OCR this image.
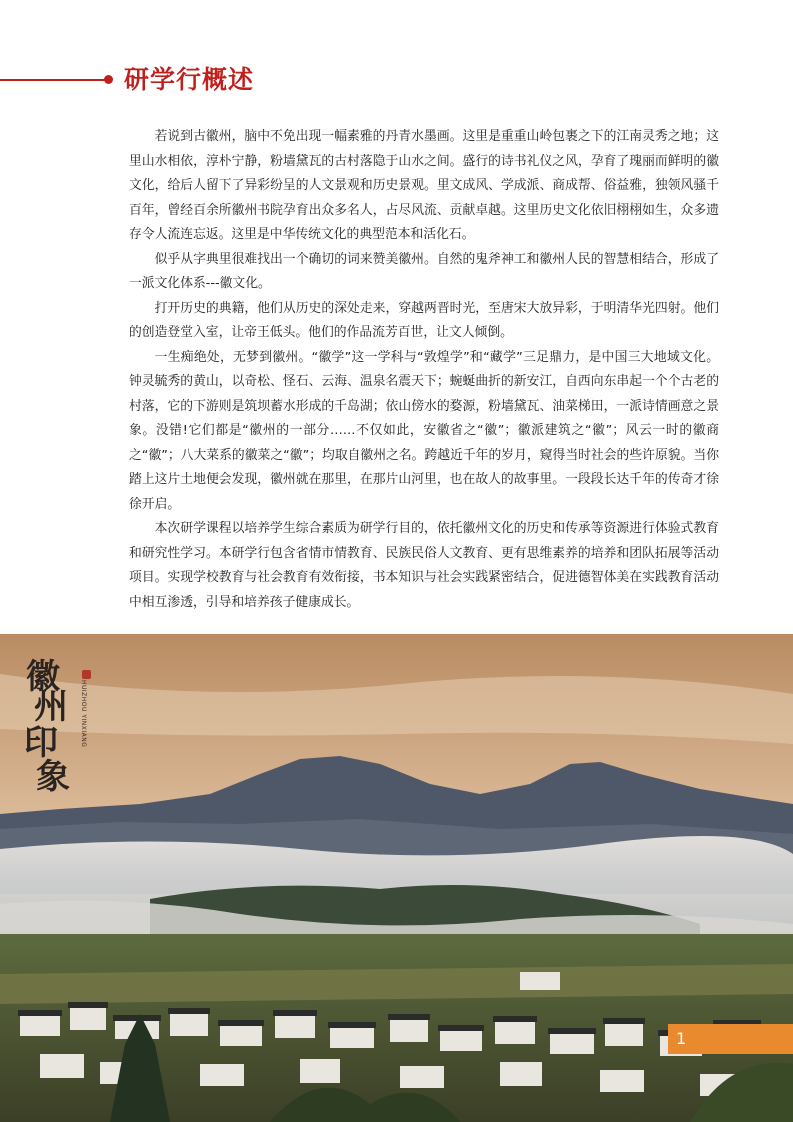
研学行概述

若说到古徽州，脑中不免出现一幅素雅的丹青水墨画。这里是重重山岭包裹之下的江南灵秀之地；这里山水相依，淳朴宁静，粉墙黛瓦的古村落隐于山水之间。盛行的诗书礼仪之风，孕育了瑰丽而鲜明的徽文化，给后人留下了异彩纷呈的人文景观和历史景观。里文成风、学成派、商成帮、俗益雅，独领风骚千百年，曾经百余所徽州书院孕育出众多名人，占尽风流、贡献卓越。这里历史文化依旧栩栩如生，众多遗存令人流连忘返。这里是中华传统文化的典型范本和活化石。

似乎从字典里很难找出一个确切的词来赞美徽州。自然的鬼斧神工和徽州人民的智慧相结合，形成了一派文化体系---徽文化。

打开历史的典籍，他们从历史的深处走来，穿越两晋时光，至唐宋大放异彩，于明清华光四射。他们的创造登堂入室，让帝王低头。他们的作品流芳百世，让文人倾倒。

一生痴绝处，无梦到徽州。“徽学”这一学科与“敦煌学”和“藏学”三足鼎力，是中国三大地域文化。钟灵毓秀的黄山，以奇松、怪石、云海、温泉名震天下；蜿蜒曲折的新安江，自西向东串起一个个古老的村落，它的下游则是筑坝蓄水形成的千岛湖；依山傍水的婺源，粉墙黛瓦、油菜梯田，一派诗情画意之景象。没错!它们都是“徽州的一部分……不仅如此，安徽省之“徽”；徽派建筑之“徽”；风云一时的徽商之“徽”；八大菜系的徽菜之“徽”；均取自徽州之名。跨越近千年的岁月，窥得当时社会的些许原貌。当你踏上这片土地便会发现，徽州就在那里，在那片山河里，也在故人的故事里。一段段长达千年的传奇才徐徐开启。

本次研学课程以培养学生综合素质为研学行目的，依托徽州文化的历史和传承等资源进行体验式教育和研究性学习。本研学行包含省情市情教育、民族民俗人文教育、更有思维素养的培养和团队拓展等活动项目。实现学校教育与社会教育有效衔接，书本知识与社会实践紧密结合，促进德智体美在实践教育活动中相互渗透，引导和培养孩子健康成长。

徽
州
印
象
HUIZHOU YINXIANG
1
